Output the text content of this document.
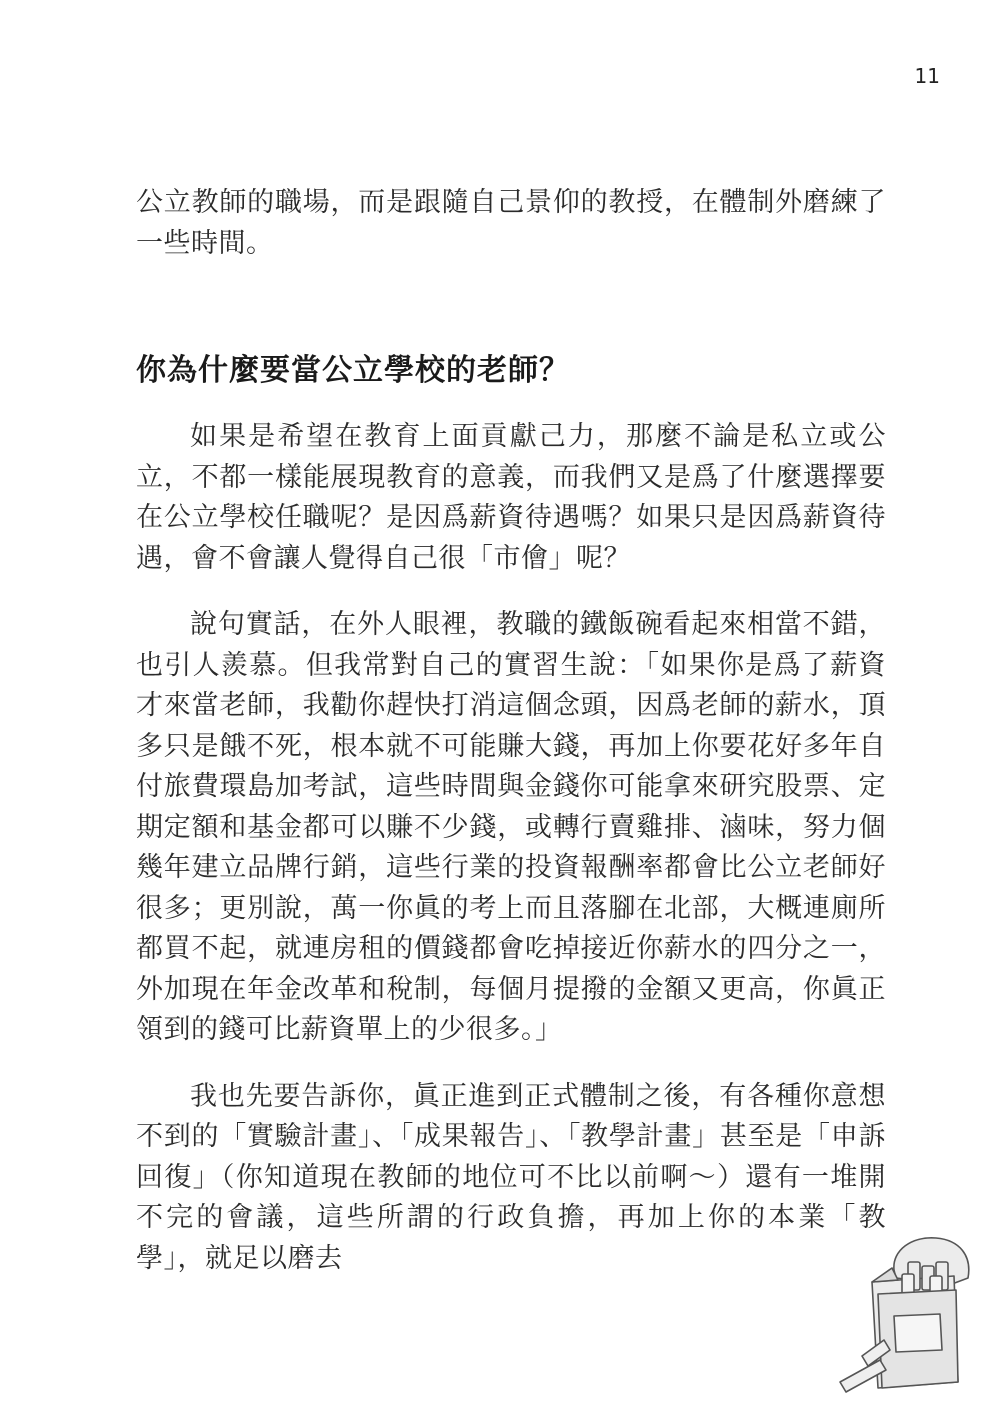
11

公立教師的職場，而是跟隨自己景仰的教授，在體制外磨練了一些時間。

你為什麼要當公立學校的老師？

如果是希望在教育上面貢獻己力，那麼不論是私立或公立，不都一樣能展現教育的意義，而我們又是爲了什麼選擇要在公立學校任職呢？是因爲薪資待遇嗎？如果只是因爲薪資待遇，會不會讓人覺得自己很「市儈」呢？

說句實話，在外人眼裡，教職的鐵飯碗看起來相當不錯，也引人羨慕。但我常對自己的實習生說：「如果你是爲了薪資才來當老師，我勸你趕快打消這個念頭，因爲老師的薪水，頂多只是餓不死，根本就不可能賺大錢，再加上你要花好多年自付旅費環島加考試，這些時間與金錢你可能拿來研究股票、定期定額和基金都可以賺不少錢，或轉行賣雞排、滷味，努力個幾年建立品牌行銷，這些行業的投資報酬率都會比公立老師好很多；更別說，萬一你眞的考上而且落腳在北部，大概連廁所都買不起，就連房租的價錢都會吃掉接近你薪水的四分之一，外加現在年金改革和稅制，每個月提撥的金額又更高，你眞正領到的錢可比薪資單上的少很多。」

我也先要告訴你，眞正進到正式體制之後，有各種你意想不到的「實驗計畫」、「成果報告」、「教學計畫」甚至是「申訴回復」（你知道現在教師的地位可不比以前啊～）還有一堆開不完的會議，這些所謂的行政負擔，再加上你的本業「教學」，就足以磨去
